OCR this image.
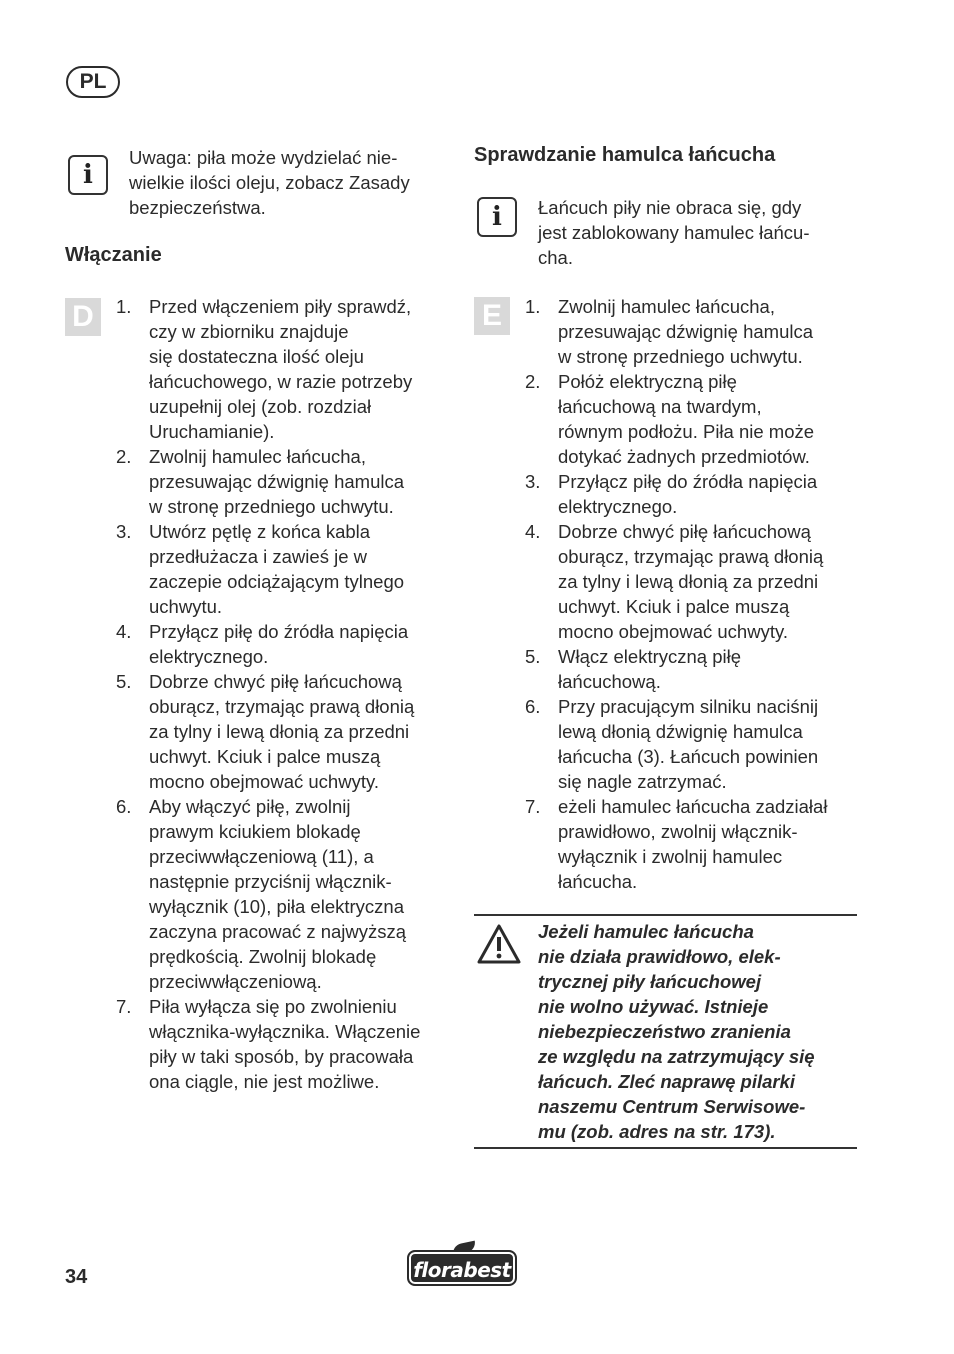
PL
i
Uwaga: piła może wydzielać nie-
wielkie ilości oleju, zobacz Zasady
bezpieczeństwa.
Włączanie
D	1. Przed włączeniem piły sprawdź,
czy w zbiorniku znajduje
się dostateczna ilość oleju
łańcuchowego, w razie potrzeby
uzupełnij olej (zob. rozdział
Uruchamianie).
2. Zwolnij hamulec łańcucha,
przesuwając dźwignię hamulca
w stronę przedniego uchwytu.
3. Utwórz pętlę z końca kabla
przedłużacza i zawieś je w
zaczepie odciążającym tylnego
uchwytu.
4. Przyłącz piłę do źródła napięcia
elektrycznego.
5. Dobrze chwyć piłę łańcuchową
oburącz, trzymając prawą dłonią
za tylny i lewą dłonią za przedni
uchwyt. Kciuk i palce muszą
mocno obejmować uchwyty.
6. Aby włączyć piłę, zwolnij
prawym kciukiem blokadę
przeciwwłączeniową (11), a
następnie przyciśnij włącznik-
wyłącznik (10), piła elektryczna
zaczyna pracować z najwyższą
prędkością. Zwolnij blokadę
przeciwwłączeniową.
7. Piła wyłącza się po zwolnieniu
włącznika-wyłącznika. Włączenie
piły w taki sposób, by pracowała
ona ciągle, nie jest możliwe.
Sprawdzanie hamulca łańcucha
i	Łańcuch piły nie obraca się, gdy
jest zablokowany hamulec łańcu-
cha.
E	1. Zwolnij hamulec łańcucha,
przesuwając dźwignię hamulca
w stronę przedniego uchwytu.
2. Połóż elektryczną piłę
łańcuchową na twardym,
równym podłożu. Piła nie może
dotykać żadnych przedmiotów.
3. Przyłącz piłę do źródła napięcia
elektrycznego.
4. Dobrze chwyć piłę łańcuchową
oburącz, trzymając prawą dłonią
za tylny i lewą dłonią za przedni
uchwyt. Kciuk i palce muszą
mocno obejmować uchwyty.
5. Włącz elektryczną piłę
łańcuchową.
6. Przy pracującym silniku naciśnij
lewą dłonią dźwignię hamulca
łańcucha (3). Łańcuch powinien
się nagle zatrzymać.
7. eżeli hamulec łańcucha zadziałał
prawidłowo, zwolnij włącznik-
wyłącznik i zwolnij hamulec
łańcucha.
Jeżeli hamulec łańcucha
nie działa prawidłowo, elek-
trycznej piły łańcuchowej
nie wolno używać. Istnieje
niebezpieczeństwo zranienia
ze względu na zatrzymujący się
łańcuch. Zleć naprawę pilarki
naszemu Centrum Serwisowe-
mu (zob. adres na str. 173).
34	florabest
